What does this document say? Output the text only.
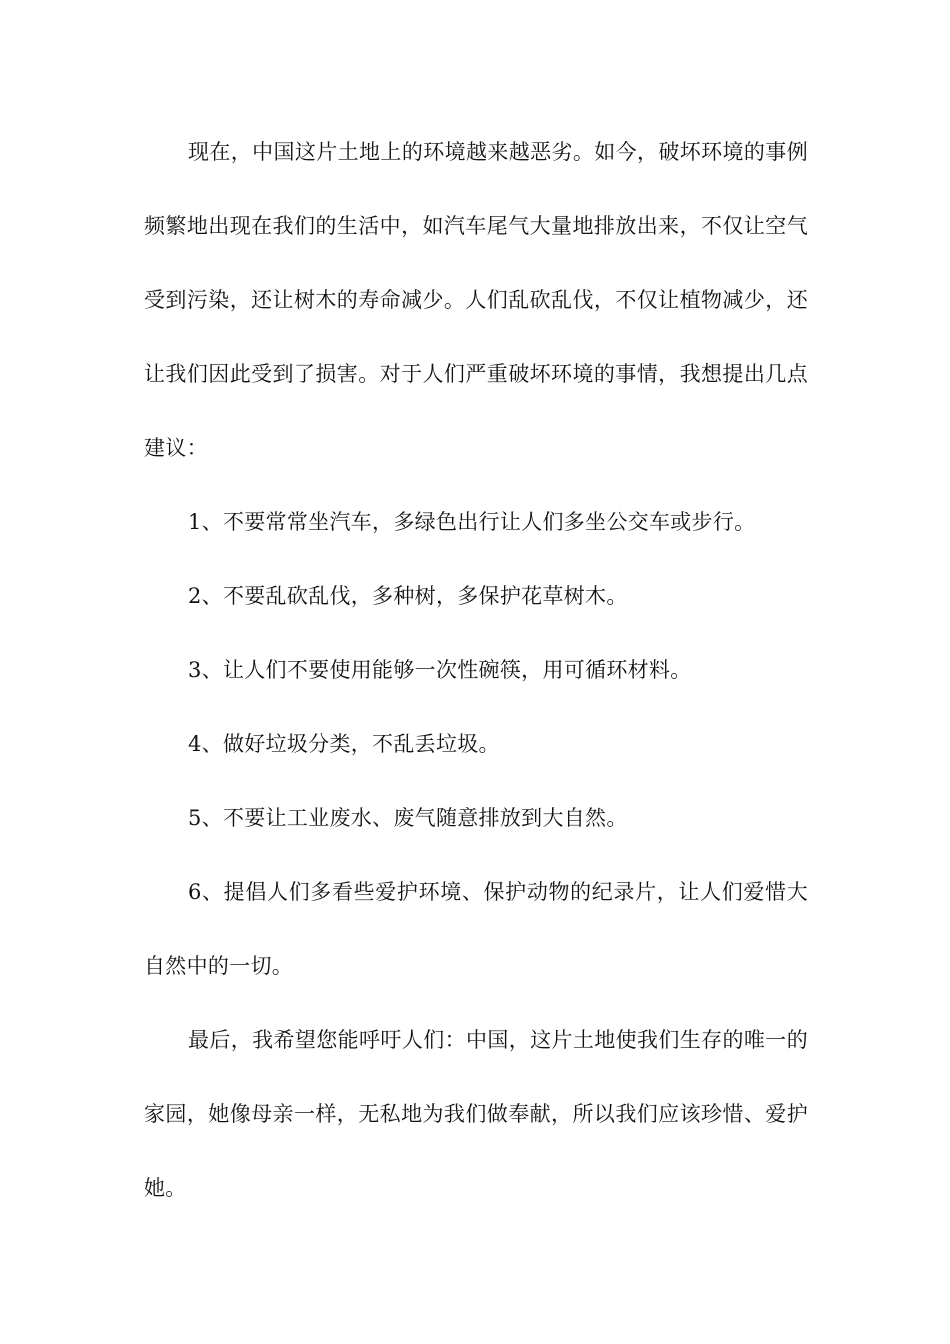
现在，中国这片土地上的环境越来越恶劣。如今，破坏环境的事例频繁地出现在我们的生活中，如汽车尾气大量地排放出来，不仅让空气受到污染，还让树木的寿命减少。人们乱砍乱伐，不仅让植物减少，还让我们因此受到了损害。对于人们严重破坏环境的事情，我想提出几点建议：

1、不要常常坐汽车，多绿色出行让人们多坐公交车或步行。

2、不要乱砍乱伐，多种树，多保护花草树木。

3、让人们不要使用能够一次性碗筷，用可循环材料。

4、做好垃圾分类，不乱丢垃圾。

5、不要让工业废水、废气随意排放到大自然。

6、提倡人们多看些爱护环境、保护动物的纪录片，让人们爱惜大自然中的一切。

最后，我希望您能呼吁人们：中国，这片土地使我们生存的唯一的家园，她像母亲一样，无私地为我们做奉献，所以我们应该珍惜、爱护她。
